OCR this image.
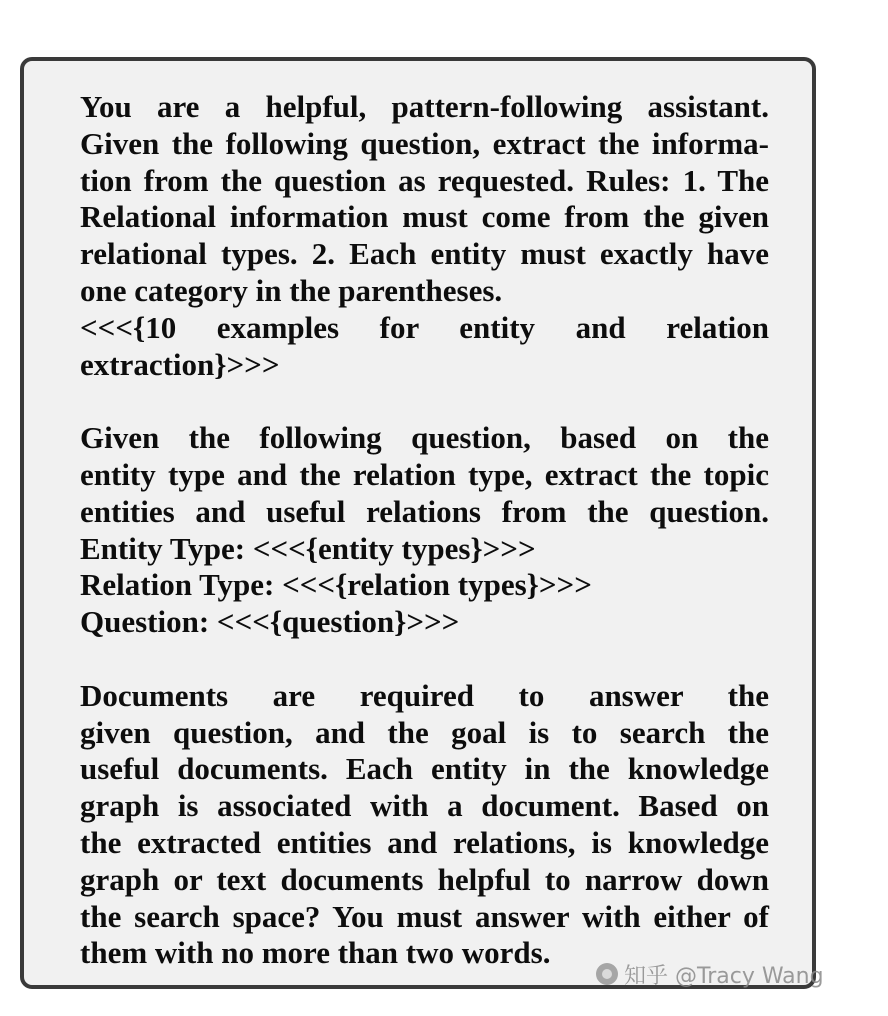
You are a helpful, pattern-following assistant.
Given the following question, extract the informa-
tion from the question as requested. Rules: 1. The
Relational information must come from the given
relational types. 2. Each entity must exactly have
one category in the parentheses.
<<<{10 examples for entity and relation
extraction}>>>
Given the following question, based on the
entity type and the relation type, extract the topic
entities and useful relations from the question.
Entity Type: <<<{entity types}>>>
Relation Type: <<<{relation types}>>>
Question: <<<{question}>>>
Documents are required to answer the
given question, and the goal is to search the
useful documents. Each entity in the knowledge
graph is associated with a document. Based on
the extracted entities and relations, is knowledge
graph or text documents helpful to narrow down
the search space? You must answer with either of
them with no more than two words.
知乎 @Tracy Wang
